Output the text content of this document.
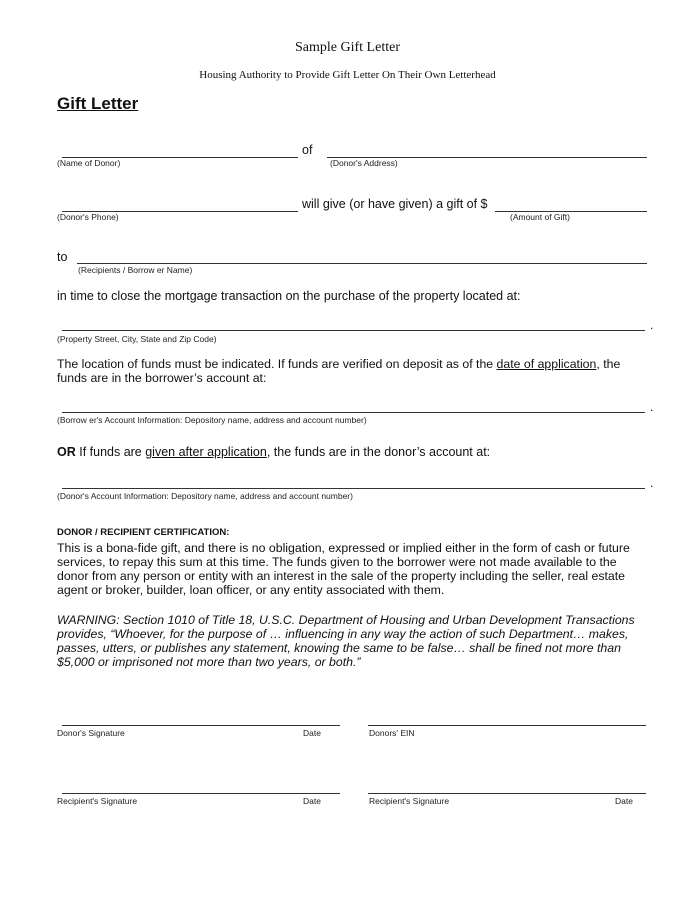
Sample Gift Letter
Housing Authority to Provide Gift Letter On Their Own Letterhead
Gift Letter
of
(Name of Donor)	(Donor's Address)
will give (or have given) a gift of $
(Donor's Phone)	(Amount of Gift)
to
(Recipients / Borrow er Name)
in time to close the mortgage transaction on the purchase of the property located at:
.
(Property Street, City, State and Zip Code)
The location of funds must be indicated. If funds are verified on deposit as of the date of application, the funds are in the borrower’s account at:
.
(Borrow er's Account Information: Depository name, address and account number)
OR If funds are given after application, the funds are in the donor’s account at:
.
(Donor's Account Information: Depository name, address and account number)
DONOR / RECIPIENT CERTIFICATION:
This is a bona-fide gift, and there is no obligation, expressed or implied either in the form of cash or future services, to repay this sum at this time. The funds given to the borrower were not made available to the donor from any person or entity with an interest in the sale of the property including the seller, real estate agent or broker, builder, loan officer, or any entity associated with them.
WARNING: Section 1010 of Title 18, U.S.C. Department of Housing and Urban Development Transactions provides, “Whoever, for the purpose of … influencing in any way the action of such Department… makes, passes, utters, or publishes any statement, knowing the same to be false… shall be fined not more than $5,000 or imprisoned not more than two years, or both.”
Donor's Signature	Date	Donors' EIN
Recipient's Signature	Date	Recipient's Signature	Date
